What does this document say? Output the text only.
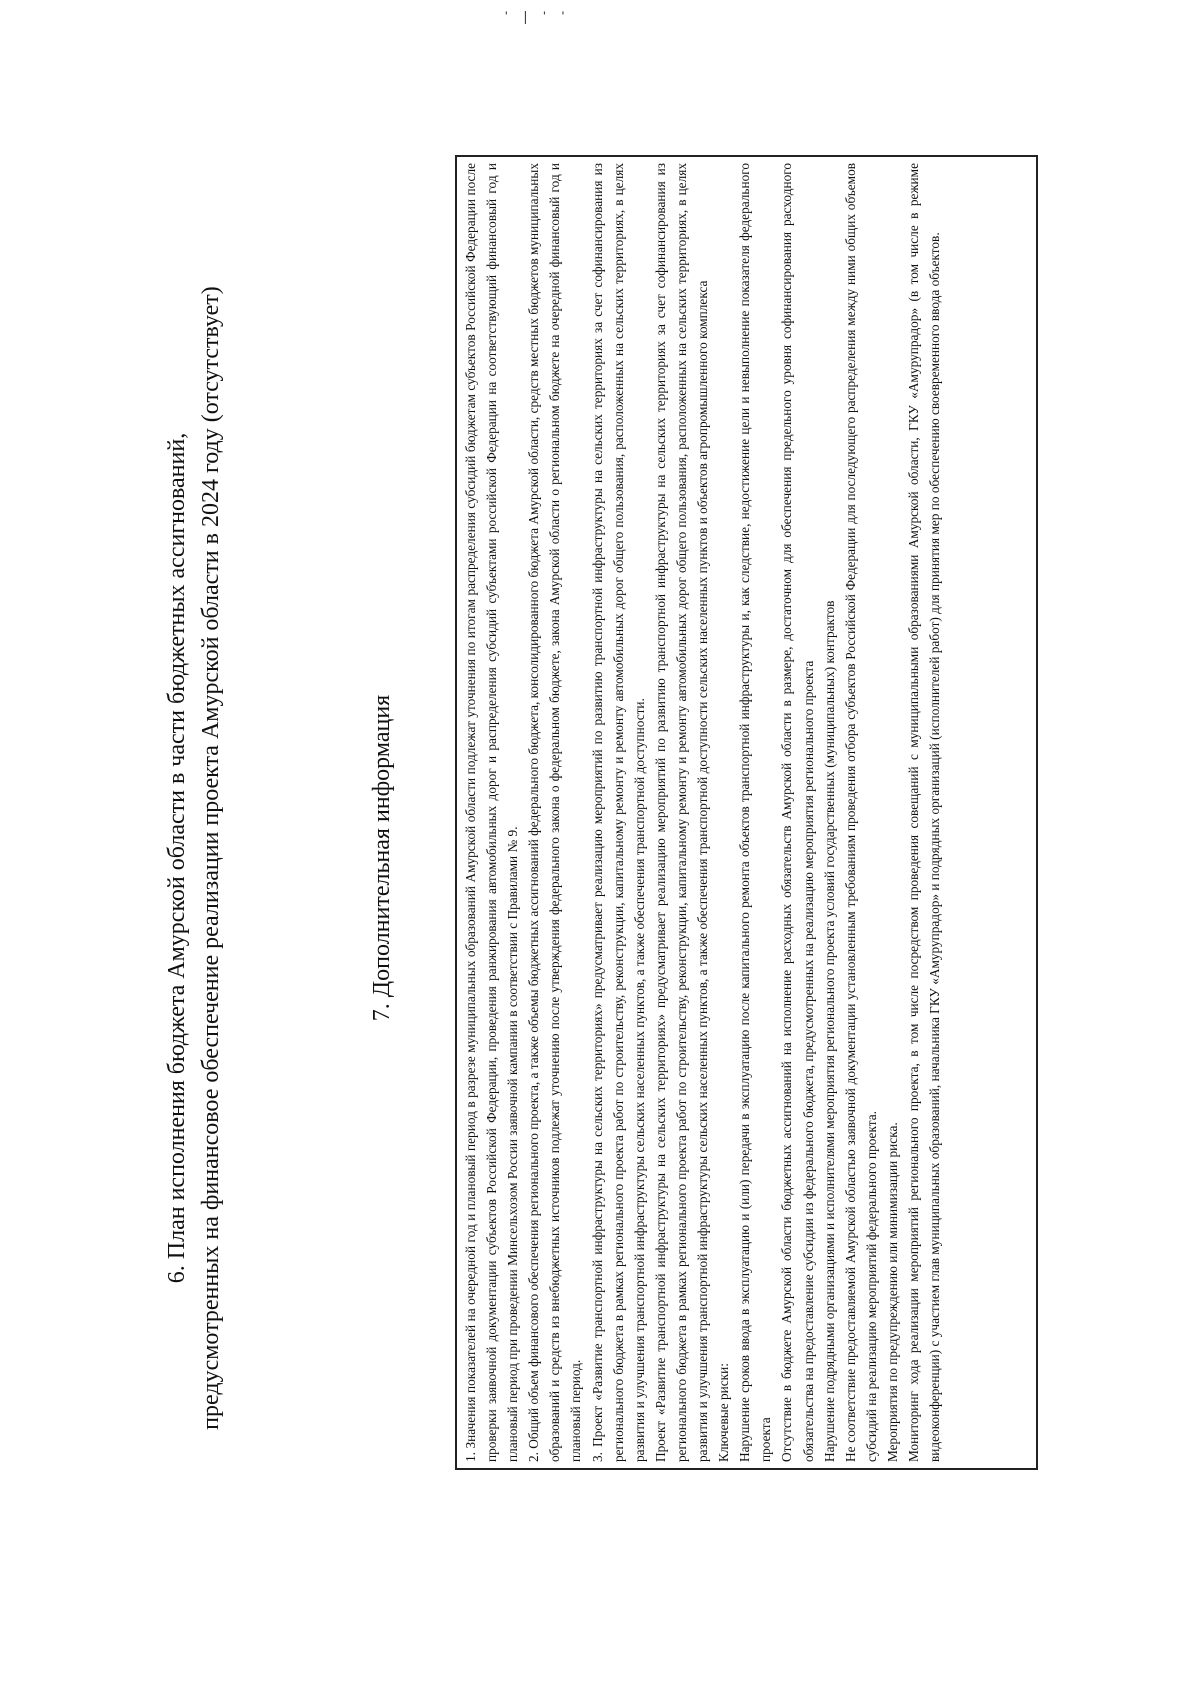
' | ' '
6. План исполнения бюджета Амурской области в части бюджетных ассигнований, предусмотренных на финансовое обеспечение реализации проекта Амурской области в 2024 году (отсутствует)	7. Дополнительная информация	1. Значения показателей на очередной год и плановый период в разрезе муниципальных образований Амурской области подлежат уточнения по итогам распределения субсидий бюджетам субъектов Российской Федерации после проверки заявочной документации субъектов Российской Федерации, проведения ранжирования автомобильных дорог и распределения субсидий субъектами российской Федерации на соответствующий финансовый год и плановый период при проведении Минсельхозом России заявочной кампании в соответствии с Правилами № 9. 2. Общий объем финансового обеспечения регионального проекта, а также объемы бюджетных ассигнований федерального бюджета, консолидированного бюджета Амурской области, средств местных бюджетов муниципальных образований и средств из внебюджетных источников подлежат уточнению после утверждения федерального закона о федеральном бюджете, закона Амурской области о региональном бюджете на очередной финансовый год и плановый период. 3. Проект «Развитие транспортной инфраструктуры на сельских территориях» предусматривает реализацию мероприятий по развитию транспортной инфраструктуры на сельских территориях за счет софинансирования из регионального бюджета в рамках регионального проекта работ по строительству, реконструкции, капитальному ремонту и ремонту автомобильных дорог общего пользования, расположенных на сельских территориях, в целях развития и улучшения транспортной инфраструктуры сельских населенных пунктов, а также обеспечения транспортной доступности. Проект «Развитие транспортной инфраструктуры на сельских территориях» предусматривает реализацию мероприятий по развитию транспортной инфраструктуры на сельских территориях за счет софинансирования из регионального бюджета в рамках регионального проекта работ по строительству, реконструкции, капитальному ремонту и ремонту автомобильных дорог общего пользования, расположенных на сельских территориях, в целях развития и улучшения транспортной инфраструктуры сельских населенных пунктов, а также обеспечения транспортной доступности сельских населенных пунктов и объектов агропромышленного комплекса Ключевые риски: Нарушение сроков ввода в эксплуатацию и (или) передачи в эксплуатацию после капитального ремонта объектов транспортной инфраструктуры и, как следствие, недостижение цели и невыполнение показателя федерального проекта Отсутствие в бюджете Амурской области бюджетных ассигнований на исполнение расходных обязательств Амурской области в размере, достаточном для обеспечения предельного уровня софинансирования расходного обязательства на предоставление субсидии из федерального бюджета, предусмотренных на реализацию мероприятия регионального проекта Нарушение подрядными организациями и исполнителями мероприятия регионального проекта условий государственных (муниципальных) контрактов Не соответствие предоставляемой Амурской областью заявочной документации установленным требованиям проведения отбора субъектов Российской Федерации для последующего распределения между ними общих объемов субсидий на реализацию мероприятий федерального проекта. Мероприятия по предупреждению или минимизации риска. Мониторинг хода реализации мероприятий регионального проекта, в том числе посредством проведения совещаний с муниципальными образованиями Амурской области, ГКУ «Амурупрадор» (в том числе в режиме видеоконференции) с участием глав муниципальных образований, начальника ГКУ «Амурупрадор» и подрядных организаций (исполнителей работ) для принятия мер по обеспечению своевременного ввода объектов.
